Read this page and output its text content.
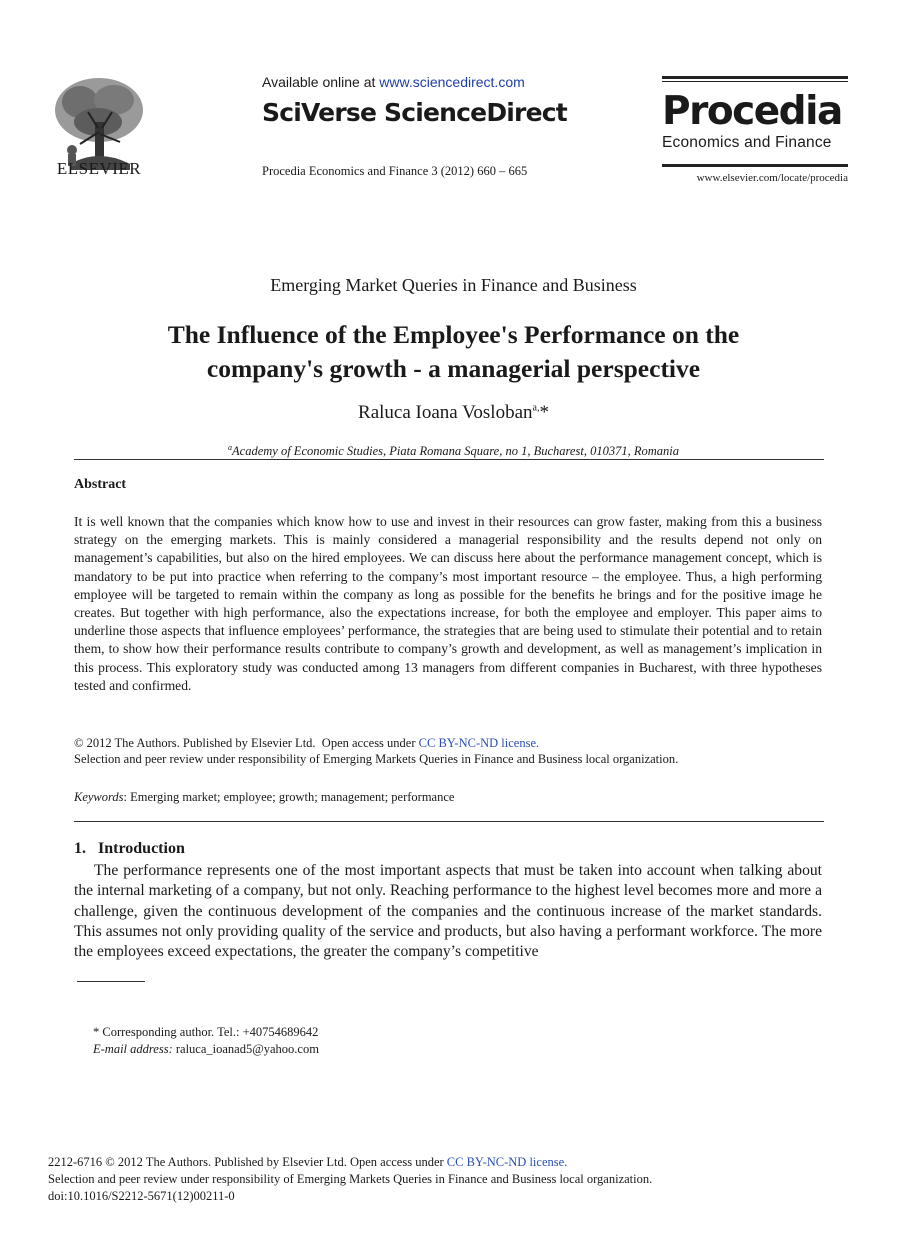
ELSEVIER
Available online at www.sciencedirect.com
SciVerse ScienceDirect
Procedia Economics and Finance 3 (2012) 660 – 665
Procedia
Economics and Finance
www.elsevier.com/locate/procedia
Emerging Market Queries in Finance and Business
The Influence of the Employee's Performance on the
company's growth - a managerial perspective
Raluca Ioana Vosloban$^{a,}$*
$^a$Academy of Economic Studies, Piata Romana Square, no 1, Bucharest, 010371, Romania
Abstract
It is well known that the companies which know how to use and invest in their resources can grow faster, making from this a business strategy on the emerging markets. This is mainly considered a managerial responsibility and the results depend not only on management’s capabilities, but also on the hired employees. We can discuss here about the performance management concept, which is mandatory to be put into practice when referring to the company’s most important resource – the employee. Thus, a high performing employee will be targeted to remain within the company as long as possible for the benefits he brings and for the positive image he creates. But together with high performance, also the expectations increase, for both the employee and employer. This paper aims to underline those aspects that influence employees’ performance, the strategies that are being used to stimulate their potential and to retain them, to show how their performance results contribute to company’s growth and development, as well as management’s implication in this process. This exploratory study was conducted among 13 managers from different companies in Bucharest, with three hypotheses tested and confirmed.
© 2012 The Authors. Published by Elsevier Ltd. Open access under CC BY-NC-ND license.
Selection and peer review under responsibility of Emerging Markets Queries in Finance and Business local organization.
Keywords: Emerging market; employee; growth; management; performance
1. Introduction
The performance represents one of the most important aspects that must be taken into account when talking about the internal marketing of a company, but not only. Reaching performance to the highest level becomes more and more a challenge, given the continuous development of the companies and the continuous increase of the market standards. This assumes not only providing quality of the service and products, but also having a performant workforce. The more the employees exceed expectations, the greater the company’s competitive
* Corresponding author. Tel.: +40754689642
E-mail address: raluca_ioanad5@yahoo.com
2212-6716 © 2012 The Authors. Published by Elsevier Ltd. Open access under CC BY-NC-ND license.
Selection and peer review under responsibility of Emerging Markets Queries in Finance and Business local organization.
doi:10.1016/S2212-5671(12)00211-0
